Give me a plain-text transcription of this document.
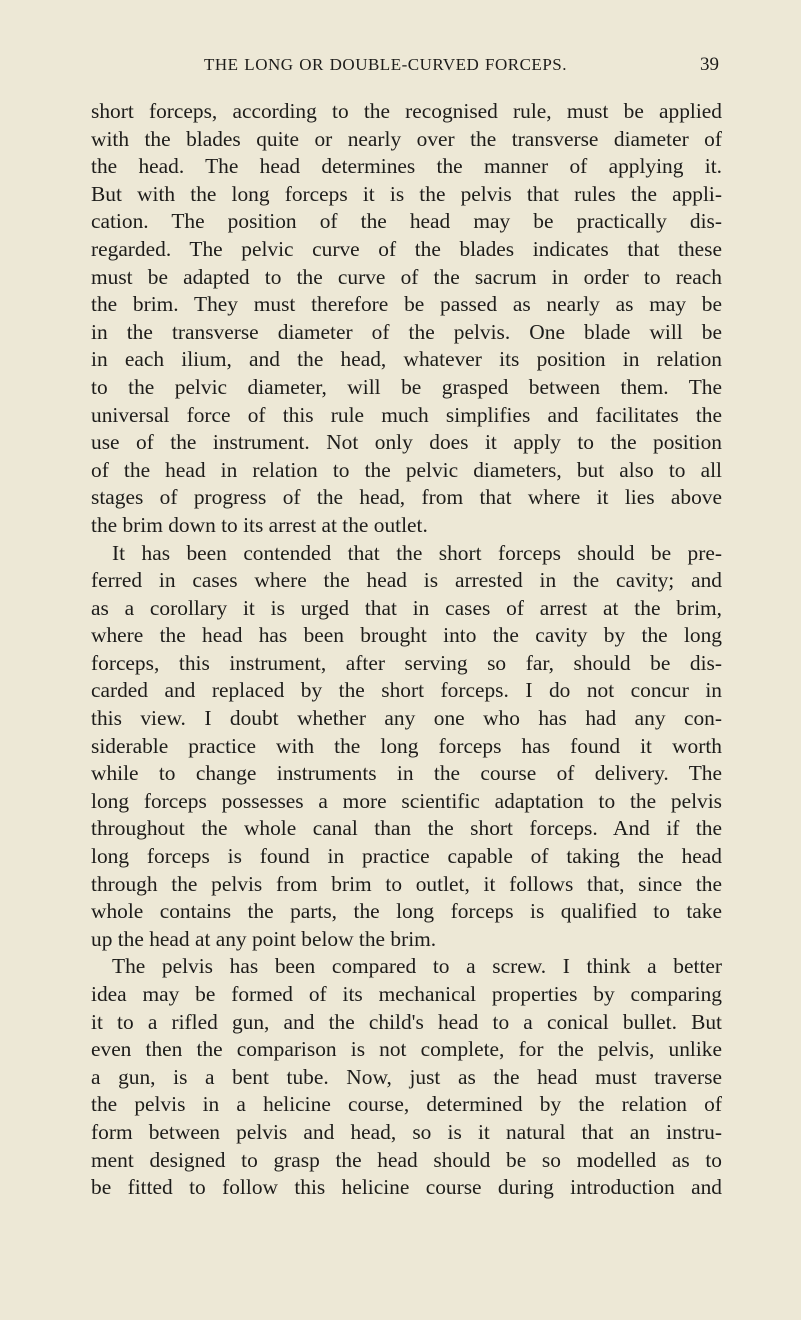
THE LONG OR DOUBLE-CURVED FORCEPS.	39
short forceps, according to the recognised rule, must be applied
with the blades quite or nearly over the transverse diameter of
the head. The head determines the manner of applying it.
But with the long forceps it is the pelvis that rules the appli-
cation. The position of the head may be practically dis-
regarded. The pelvic curve of the blades indicates that these
must be adapted to the curve of the sacrum in order to reach
the brim. They must therefore be passed as nearly as may be
in the transverse diameter of the pelvis. One blade will be
in each ilium, and the head, whatever its position in relation
to the pelvic diameter, will be grasped between them. The
universal force of this rule much simplifies and facilitates the
use of the instrument. Not only does it apply to the position
of the head in relation to the pelvic diameters, but also to all
stages of progress of the head, from that where it lies above
the brim down to its arrest at the outlet.
It has been contended that the short forceps should be pre-
ferred in cases where the head is arrested in the cavity; and
as a corollary it is urged that in cases of arrest at the brim,
where the head has been brought into the cavity by the long
forceps, this instrument, after serving so far, should be dis-
carded and replaced by the short forceps. I do not concur in
this view. I doubt whether any one who has had any con-
siderable practice with the long forceps has found it worth
while to change instruments in the course of delivery. The
long forceps possesses a more scientific adaptation to the pelvis
throughout the whole canal than the short forceps. And if the
long forceps is found in practice capable of taking the head
through the pelvis from brim to outlet, it follows that, since the
whole contains the parts, the long forceps is qualified to take
up the head at any point below the brim.
The pelvis has been compared to a screw. I think a better
idea may be formed of its mechanical properties by comparing
it to a rifled gun, and the child's head to a conical bullet. But
even then the comparison is not complete, for the pelvis, unlike
a gun, is a bent tube. Now, just as the head must traverse
the pelvis in a helicine course, determined by the relation of
form between pelvis and head, so is it natural that an instru-
ment designed to grasp the head should be so modelled as to
be fitted to follow this helicine course during introduction and
